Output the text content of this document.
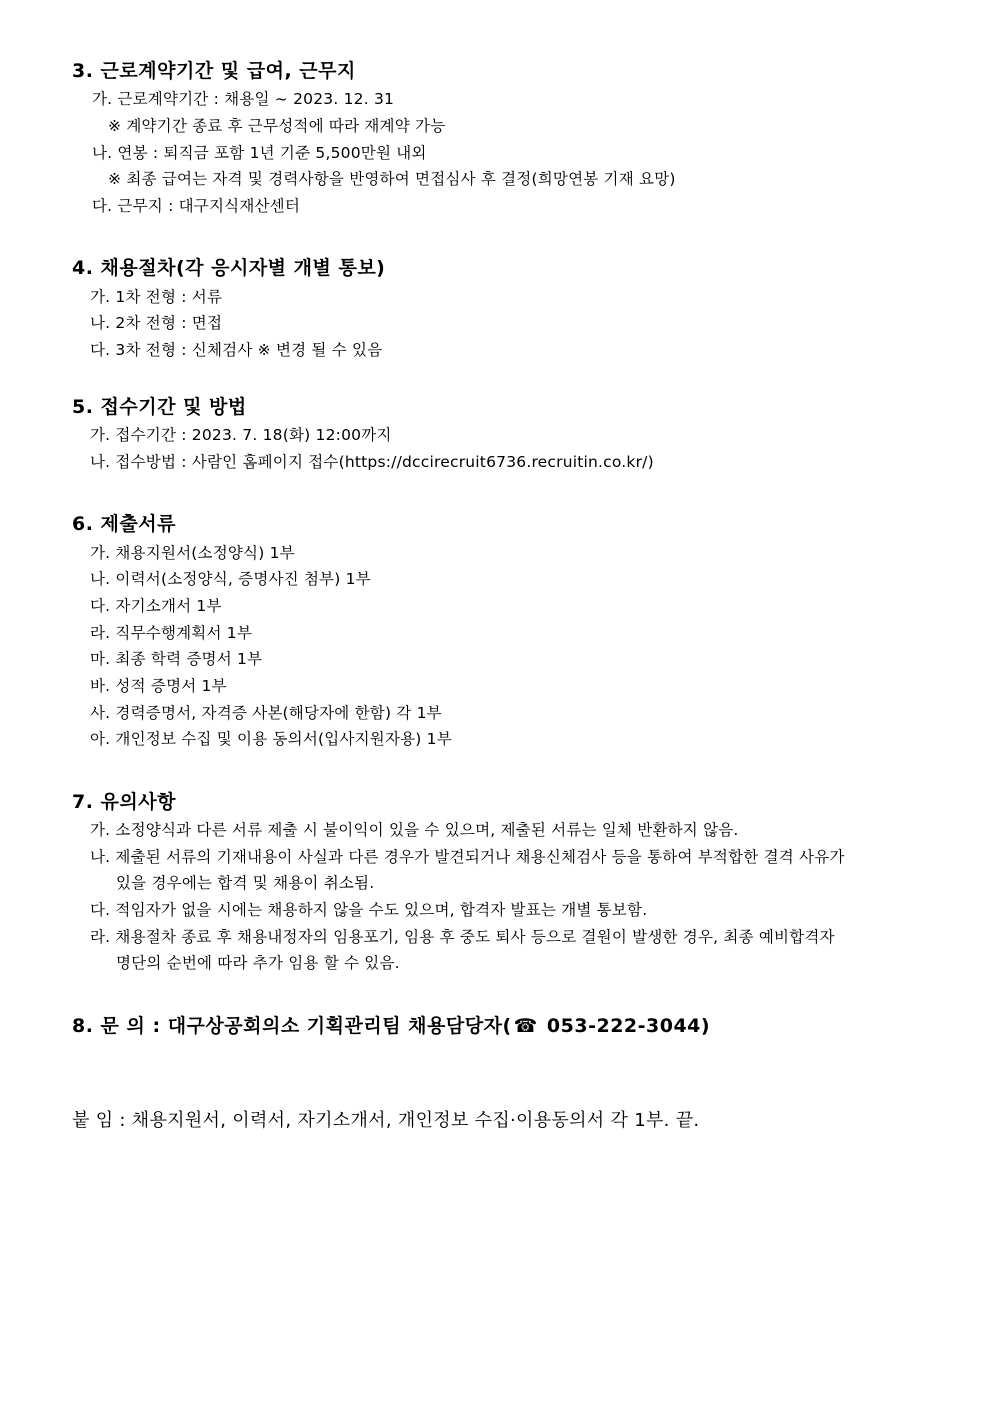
3. 근로계약기간 및 급여, 근무지
가. 근로계약기간 : 채용일 ~ 2023. 12. 31
※ 계약기간 종료 후 근무성적에 따라 재계약 가능
나. 연봉 : 퇴직금 포함 1년 기준 5,500만원 내외
※ 최종 급여는 자격 및 경력사항을 반영하여 면접심사 후 결정(희망연봉 기재 요망)
다. 근무지 : 대구지식재산센터
4. 채용절차(각 응시자별 개별 통보)
가. 1차 전형 : 서류
나. 2차 전형 : 면접
다. 3차 전형 : 신체검사 ※ 변경 될 수 있음
5. 접수기간 및 방법
가. 접수기간 : 2023. 7. 18(화) 12:00까지
나. 접수방법 : 사람인 홈페이지 접수(https://dccirecruit6736.recruitin.co.kr/)
6. 제출서류
가. 채용지원서(소정양식) 1부
나. 이력서(소정양식, 증명사진 첨부) 1부
다. 자기소개서 1부
라. 직무수행계획서 1부
마. 최종 학력 증명서 1부
바. 성적 증명서 1부
사. 경력증명서, 자격증 사본(해당자에 한함) 각 1부
아. 개인정보 수집 및 이용 동의서(입사지원자용) 1부
7. 유의사항
가. 소정양식과 다른 서류 제출 시 불이익이 있을 수 있으며, 제출된 서류는 일체 반환하지 않음.
나. 제출된 서류의 기재내용이 사실과 다른 경우가 발견되거나 채용신체검사 등을 통하여 부적합한 결격 사유가
있을 경우에는 합격 및 채용이 취소됨.
다. 적임자가 없을 시에는 채용하지 않을 수도 있으며, 합격자 발표는 개별 통보함.
라. 채용절차 종료 후 채용내정자의 임용포기, 임용 후 중도 퇴사 등으로 결원이 발생한 경우, 최종 예비합격자
명단의 순번에 따라 추가 임용 할 수 있음.
8. 문 의 : 대구상공회의소 기획관리팀 채용담당자( ☎ 053-222-3044)
붙 임 : 채용지원서, 이력서, 자기소개서, 개인정보 수집·이용동의서 각 1부. 끝.
